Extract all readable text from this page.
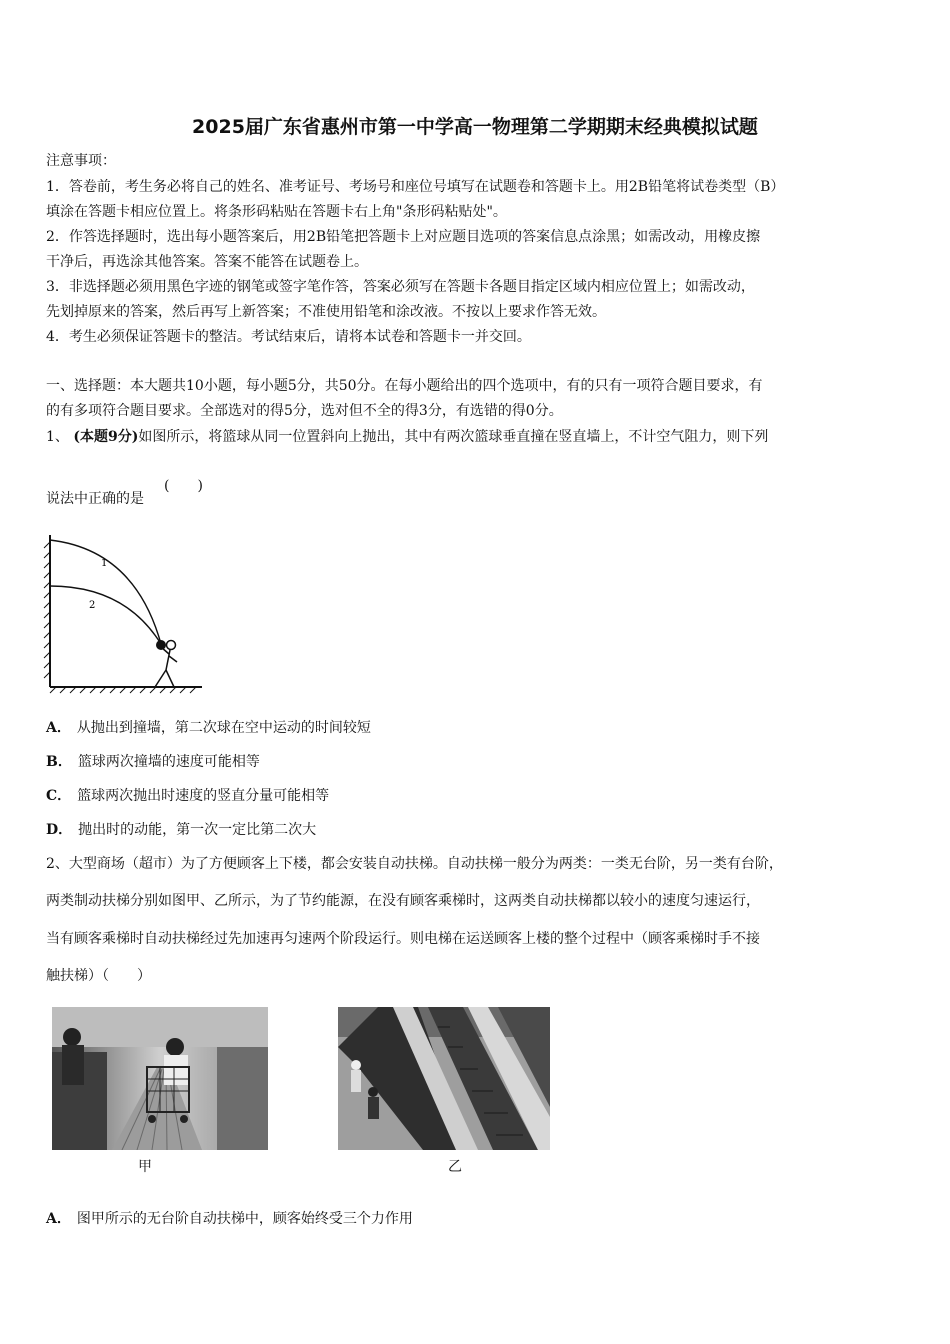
2025届广东省惠州市第一中学高一物理第二学期期末经典模拟试题
注意事项：
1．答卷前，考生务必将自己的姓名、准考证号、考场号和座位号填写在试题卷和答题卡上。用2B铅笔将试卷类型（B）
填涂在答题卡相应位置上。将条形码粘贴在答题卡右上角"条形码粘贴处"。
2．作答选择题时，选出每小题答案后，用2B铅笔把答题卡上对应题目选项的答案信息点涂黑；如需改动，用橡皮擦
干净后，再选涂其他答案。答案不能答在试题卷上。
3．非选择题必须用黑色字迹的钢笔或签字笔作答，答案必须写在答题卡各题目指定区域内相应位置上；如需改动，
先划掉原来的答案，然后再写上新答案；不准使用铅笔和涂改液。不按以上要求作答无效。
4．考生必须保证答题卡的整洁。考试结束后，请将本试卷和答题卡一并交回。
一、选择题：本大题共10小题，每小题5分，共50分。在每小题给出的四个选项中，有的只有一项符合题目要求，有
的有多项符合题目要求。全部选对的得5分，选对但不全的得3分，有选错的得0分。
1、 (本题9分)如图所示，将篮球从同一位置斜向上抛出，其中有两次篮球垂直撞在竖直墙上，不计空气阻力，则下列
说法中正确的是
(　　)
1
2
A． 从抛出到撞墙，第二次球在空中运动的时间较短
B． 篮球两次撞墙的速度可能相等
C． 篮球两次抛出时速度的竖直分量可能相等
D． 抛出时的动能，第一次一定比第二次大
2、大型商场（超市）为了方便顾客上下楼，都会安装自动扶梯。自动扶梯一般分为两类：一类无台阶，另一类有台阶，
两类制动扶梯分别如图甲、乙所示，为了节约能源，在没有顾客乘梯时，这两类自动扶梯都以较小的速度匀速运行，
当有顾客乘梯时自动扶梯经过先加速再匀速两个阶段运行。则电梯在运送顾客上楼的整个过程中（顾客乘梯时手不接
触扶梯）（　　）
甲	乙
A． 图甲所示的无台阶自动扶梯中，顾客始终受三个力作用
